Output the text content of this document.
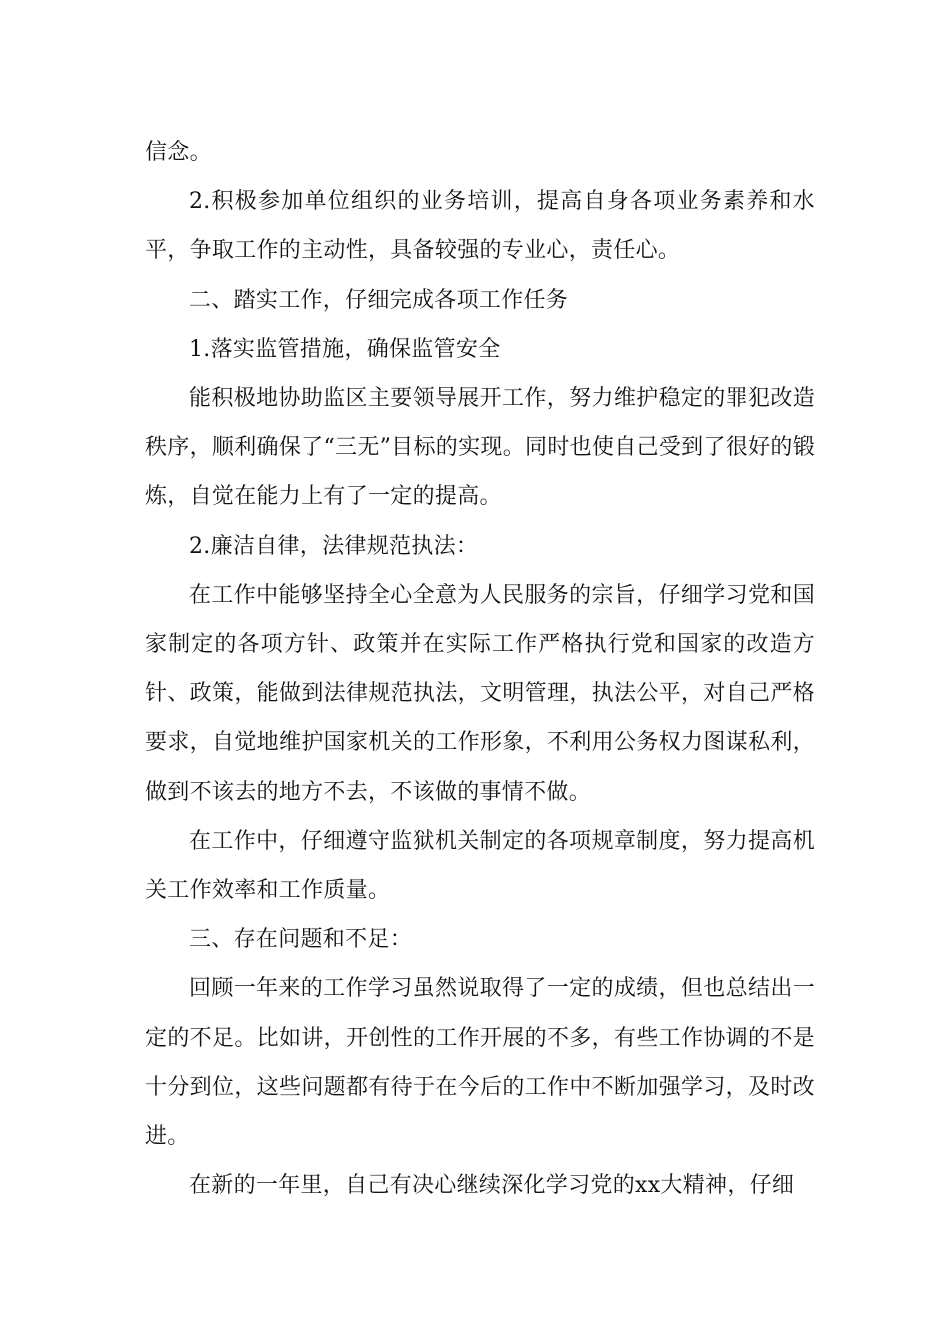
信念。

2.积极参加单位组织的业务培训，提高自身各项业务素养和水平，争取工作的主动性，具备较强的专业心，责任心。

二、踏实工作，仔细完成各项工作任务

1.落实监管措施，确保监管安全

能积极地协助监区主要领导展开工作，努力维护稳定的罪犯改造秩序，顺利确保了“三无”目标的实现。同时也使自己受到了很好的锻炼，自觉在能力上有了一定的提高。

2.廉洁自律，法律规范执法：

在工作中能够坚持全心全意为人民服务的宗旨，仔细学习党和国家制定的各项方针、政策并在实际工作严格执行党和国家的改造方针、政策，能做到法律规范执法，文明管理，执法公平，对自己严格要求，自觉地维护国家机关的工作形象，不利用公务权力图谋私利，做到不该去的地方不去，不该做的事情不做。

在工作中，仔细遵守监狱机关制定的各项规章制度，努力提高机关工作效率和工作质量。

三、存在问题和不足：

回顾一年来的工作学习虽然说取得了一定的成绩，但也总结出一定的不足。比如讲，开创性的工作开展的不多，有些工作协调的不是十分到位，这些问题都有待于在今后的工作中不断加强学习，及时改进。

在新的一年里，自己有决心继续深化学习党的xx大精神，仔细
